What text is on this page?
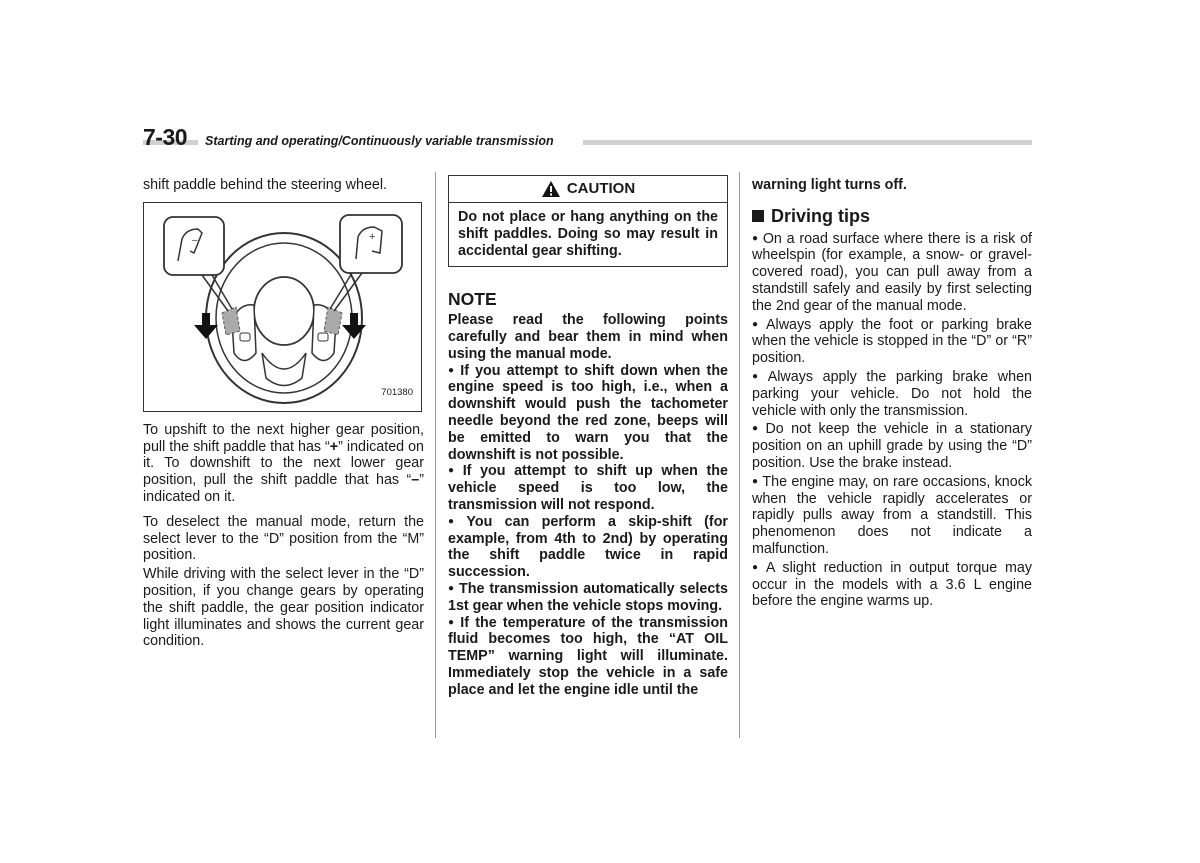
7-30 Starting and operating/Continuously variable transmission

shift paddle behind the steering wheel.

–	+
701380

To upshift to the next higher gear position, pull the shift paddle that has “+” indicated on it. To downshift to the next lower gear position, pull the shift paddle that has “–” indicated on it.

To deselect the manual mode, return the select lever to the “D” position from the “M” position.

While driving with the select lever in the “D” position, if you change gears by operating the shift paddle, the gear position indicator light illuminates and shows the current gear condition.

CAUTION
Do not place or hang anything on the shift paddles. Doing so may result in accidental gear shifting.
NOTE

Please read the following points carefully and bear them in mind when using the manual mode.

● If you attempt to shift down when the engine speed is too high, i.e., when a downshift would push the tachometer needle beyond the red zone, beeps will be emitted to warn you that the downshift is not possible.

● If you attempt to shift up when the vehicle speed is too low, the transmission will not respond.

● You can perform a skip-shift (for example, from 4th to 2nd) by operating the shift paddle twice in rapid succession.

● The transmission automatically selects 1st gear when the vehicle stops moving.

● If the temperature of the transmission fluid becomes too high, the “AT OIL TEMP” warning light will illuminate. Immediately stop the vehicle in a safe place and let the engine idle until the

warning light turns off.

Driving tips

● On a road surface where there is a risk of wheelspin (for example, a snow- or gravel-covered road), you can pull away from a standstill safely and easily by first selecting the 2nd gear of the manual mode.

● Always apply the foot or parking brake when the vehicle is stopped in the “D” or “R” position.

● Always apply the parking brake when parking your vehicle. Do not hold the vehicle with only the transmission.

● Do not keep the vehicle in a stationary position on an uphill grade by using the “D” position. Use the brake instead.

● The engine may, on rare occasions, knock when the vehicle rapidly accelerates or rapidly pulls away from a standstill. This phenomenon does not indicate a malfunction.

● A slight reduction in output torque may occur in the models with a 3.6 L engine before the engine warms up.
